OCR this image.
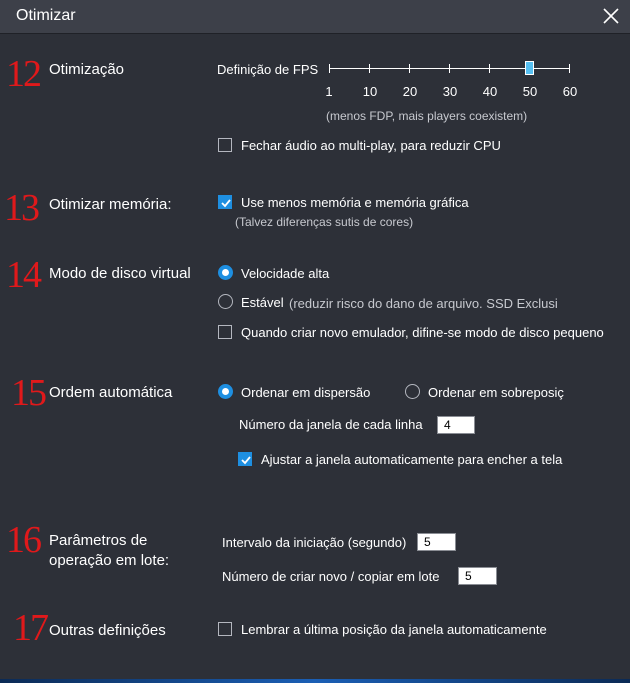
Otimizar
12 Otimização	Definição de FPS
1 10 20 30 40 50 60
(menos FDP, mais players coexistem)
Fechar áudio ao multi-play, para reduzir CPU
13 Otimizar memória:	Use menos memória e memória gráfica
(Talvez diferenças sutis de cores)
14 Modo de disco virtual	Velocidade alta
Estável (reduzir risco do dano de arquivo. SSD Exclusi
Quando criar novo emulador, difine-se modo de disco pequeno
15 Ordem automática	Ordenar em dispersão	Ordenar em sobreposiç
Número da janela de cada linha	4
Ajustar a janela automaticamente para encher a tela
16 Parâmetros de
operação em lote:
Intervalo da iniciação (segundo)	5
Número de criar novo / copiar em lote	5
17 Outras definições	Lembrar a última posição da janela automaticamente
